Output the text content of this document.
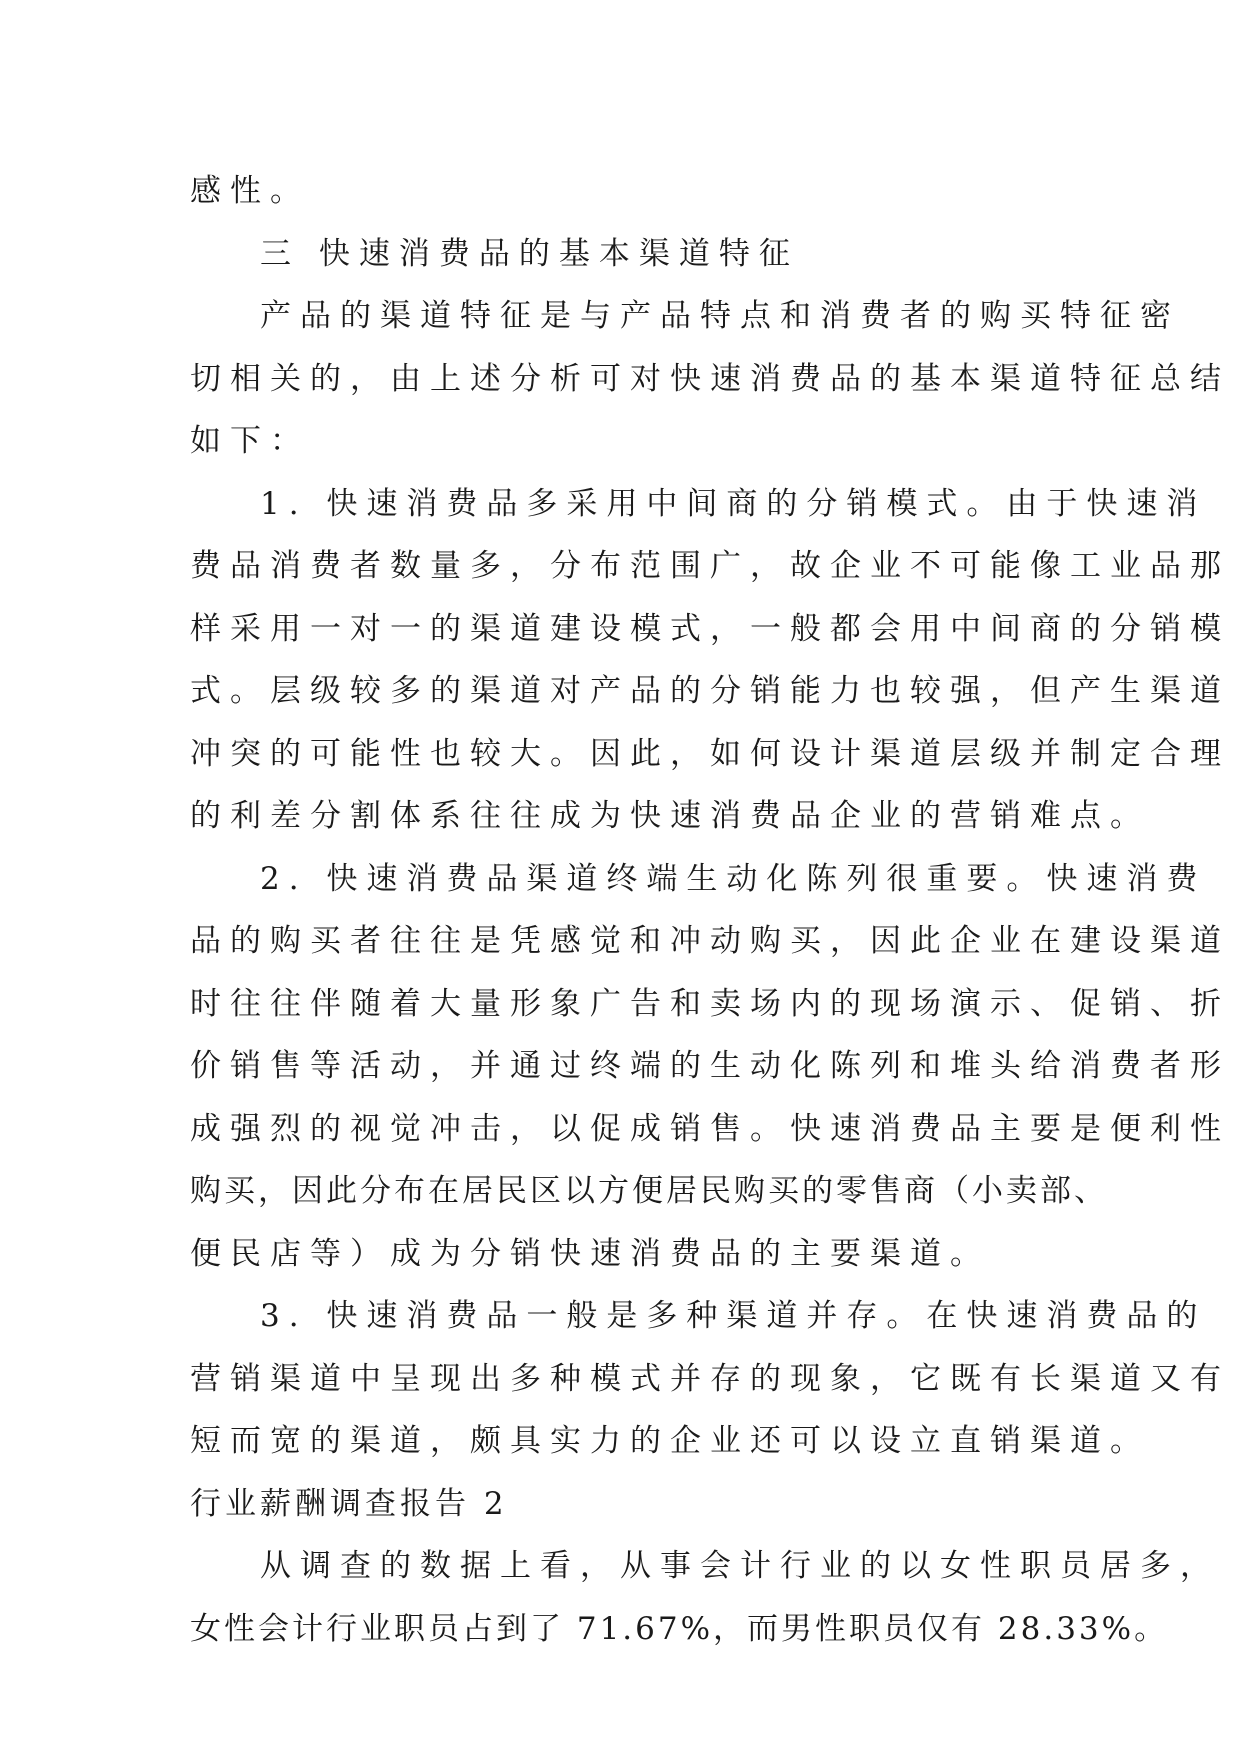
感性。

三 快速消费品的基本渠道特征

产品的渠道特征是与产品特点和消费者的购买特征密

切相关的，由上述分析可对快速消费品的基本渠道特征总结

如下：

1. 快速消费品多采用中间商的分销模式。由于快速消

费品消费者数量多，分布范围广，故企业不可能像工业品那

样采用一对一的渠道建设模式，一般都会用中间商的分销模

式。层级较多的渠道对产品的分销能力也较强，但产生渠道

冲突的可能性也较大。因此，如何设计渠道层级并制定合理

的利差分割体系往往成为快速消费品企业的营销难点。

2. 快速消费品渠道终端生动化陈列很重要。快速消费

品的购买者往往是凭感觉和冲动购买，因此企业在建设渠道

时往往伴随着大量形象广告和卖场内的现场演示、促销、折

价销售等活动，并通过终端的生动化陈列和堆头给消费者形

成强烈的视觉冲击，以促成销售。快速消费品主要是便利性

购买，因此分布在居民区以方便居民购买的零售商（小卖部、

便民店等）成为分销快速消费品的主要渠道。

3. 快速消费品一般是多种渠道并存。在快速消费品的

营销渠道中呈现出多种模式并存的现象，它既有长渠道又有

短而宽的渠道，颇具实力的企业还可以设立直销渠道。

行业薪酬调查报告 2

从调查的数据上看，从事会计行业的以女性职员居多，

女性会计行业职员占到了 71.67%，而男性职员仅有 28.33%。
